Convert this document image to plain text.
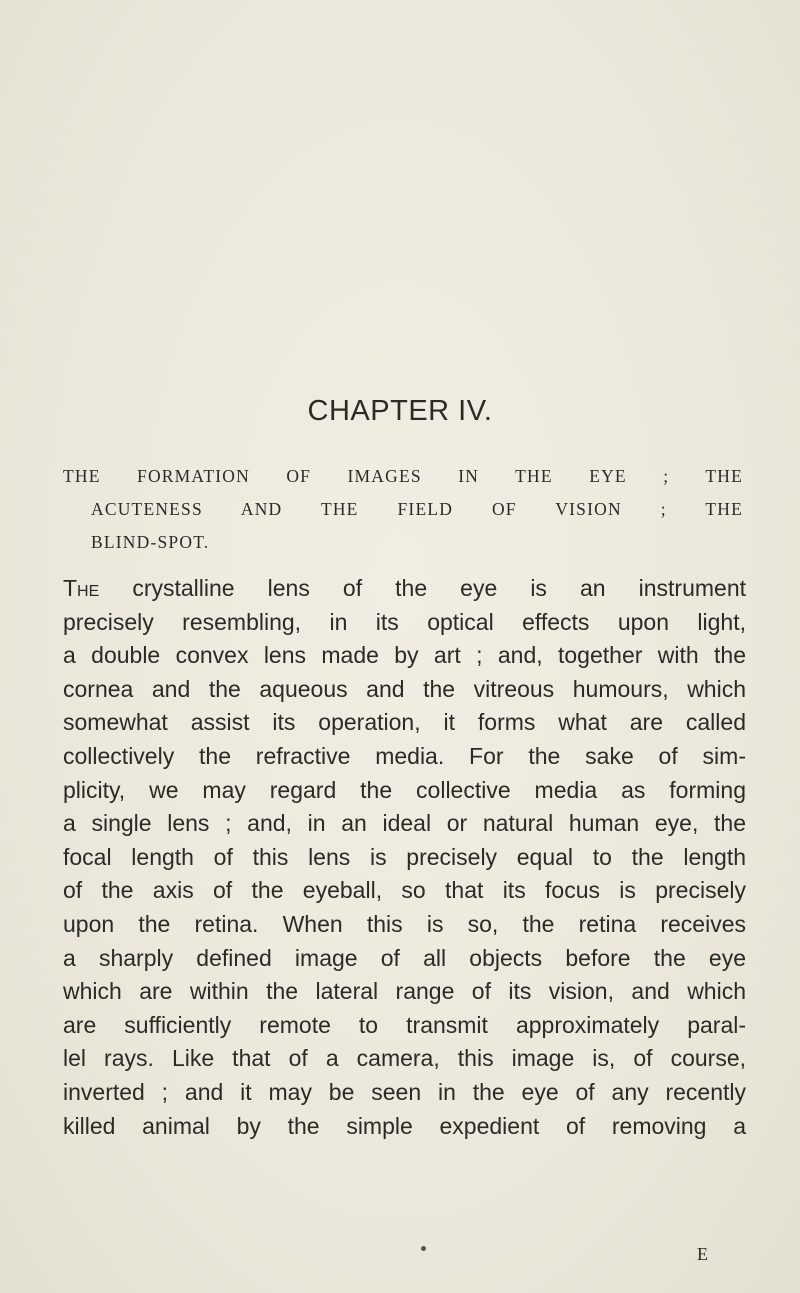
CHAPTER IV.
THE FORMATION OF IMAGES IN THE EYE ; THE
ACUTENESS AND THE FIELD OF VISION ; THE
BLIND-SPOT.
The crystalline lens of the eye is an instrument
precisely resembling, in its optical effects upon light,
a double convex lens made by art ; and, together with the
cornea and the aqueous and the vitreous humours, which
somewhat assist its operation, it forms what are called
collectively the refractive media. For the sake of sim-
plicity, we may regard the collective media as forming
a single lens ; and, in an ideal or natural human eye, the
focal length of this lens is precisely equal to the length
of the axis of the eyeball, so that its focus is precisely
upon the retina. When this is so, the retina receives
a sharply defined image of all objects before the eye
which are within the lateral range of its vision, and which
are sufficiently remote to transmit approximately paral-
lel rays. Like that of a camera, this image is, of course,
inverted ; and it may be seen in the eye of any recently
killed animal by the simple expedient of removing a

E
